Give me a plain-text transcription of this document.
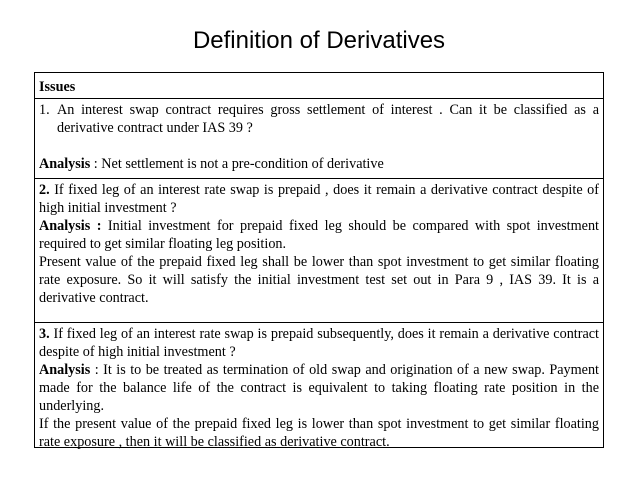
Definition of Derivatives
Issues
1. An interest swap contract requires gross settlement of interest . Can it be classified as a derivative contract under IAS 39 ?

Analysis : Net settlement is not a pre-condition of derivative

2. If fixed leg of an interest rate swap is prepaid , does it remain a derivative contract despite of high initial investment ?

Analysis : Initial investment for prepaid fixed leg should be compared with spot investment required to get similar floating leg position.

Present value of the prepaid fixed leg shall be lower than spot investment to get similar floating rate exposure. So it will satisfy the initial investment test set out in Para 9 , IAS 39. It is a derivative contract.

3. If fixed leg of an interest rate swap is prepaid subsequently, does it remain a derivative contract despite of high initial investment ?

Analysis : It is to be treated as termination of old swap and origination of a new swap. Payment made for the balance life of the contract is equivalent to taking floating rate position in the underlying.

If the present value of the prepaid fixed leg is lower than spot investment to get similar floating rate exposure , then it will be classified as derivative contract.
